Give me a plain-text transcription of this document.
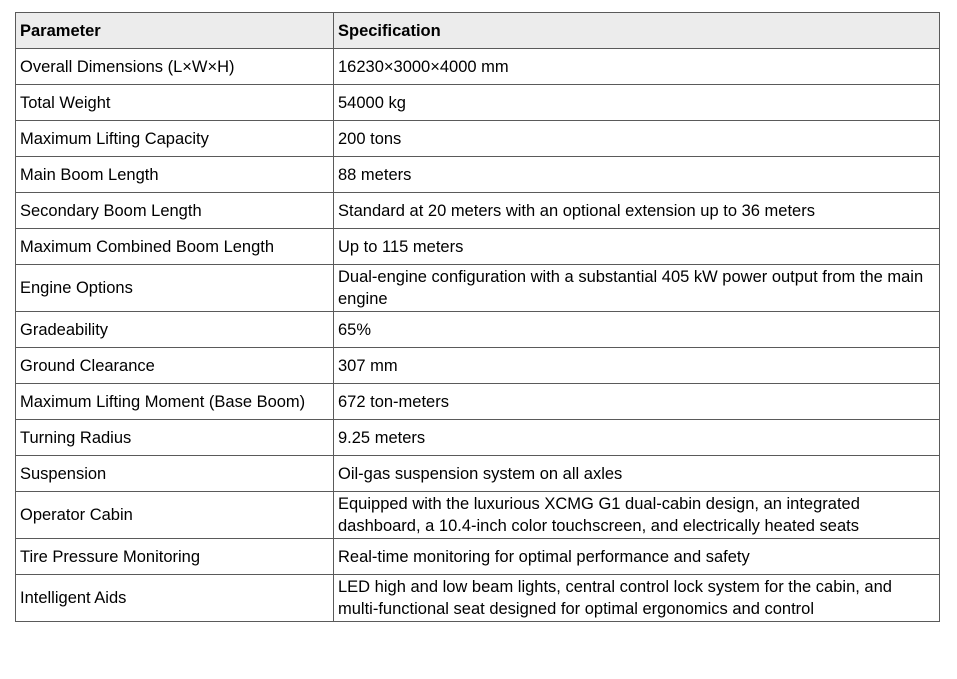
Parameter	Specification
Overall Dimensions (L×W×H)	16230×3000×4000 mm
Total Weight	54000 kg
Maximum Lifting Capacity	200 tons
Main Boom Length	88 meters
Secondary Boom Length	Standard at 20 meters with an optional extension up to 36 meters
Maximum Combined Boom Length	Up to 115 meters
Engine Options	Dual-engine configuration with a substantial 405 kW power output from the main engine
Gradeability	65%
Ground Clearance	307 mm
Maximum Lifting Moment (Base Boom)	672 ton-meters
Turning Radius	9.25 meters
Suspension	Oil-gas suspension system on all axles
Operator Cabin	Equipped with the luxurious XCMG G1 dual-cabin design, an integrated dashboard, a 10.4-inch color touchscreen, and electrically heated seats
Tire Pressure Monitoring	Real-time monitoring for optimal performance and safety
Intelligent Aids	LED high and low beam lights, central control lock system for the cabin, and multi-functional seat designed for optimal ergonomics and control
